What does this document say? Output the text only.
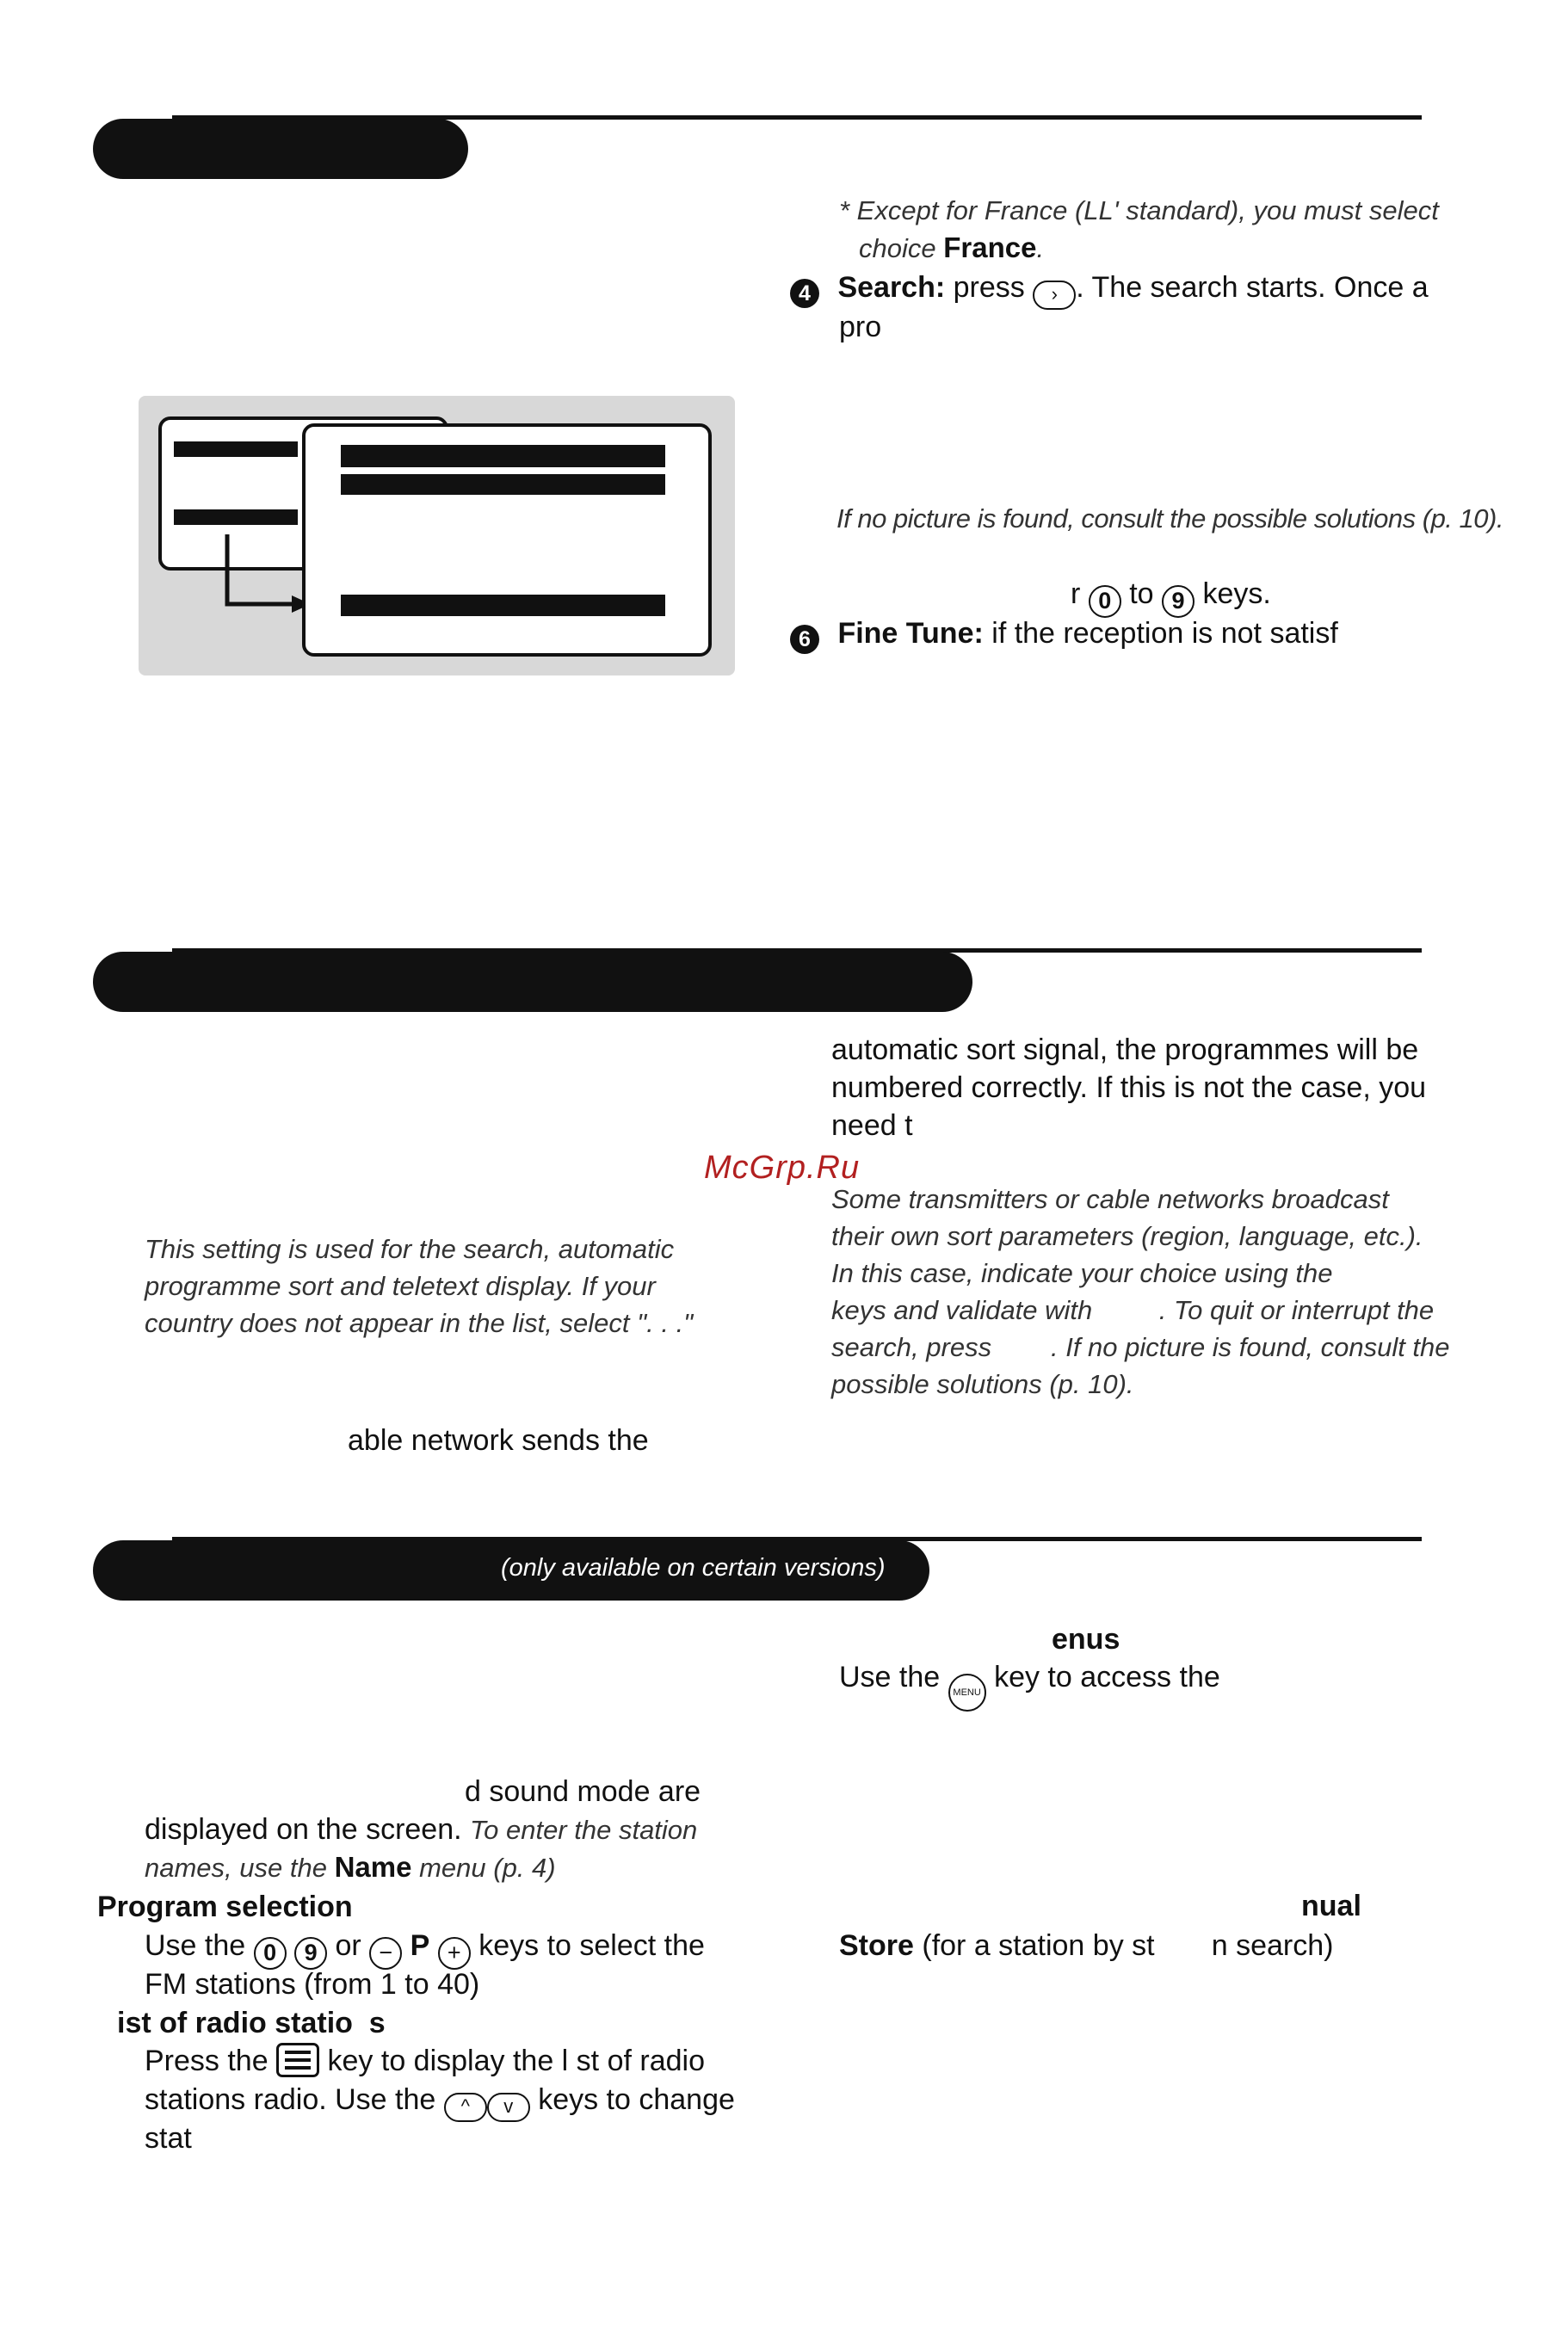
* Except for France (LL' standard), you must select
choice France.
4 Search: press › . The search starts. Once a
pro
If no picture is found, consult the possible solutions (p. 10).
r 0 to 9 keys.
6 Fine Tune: if the reception is not satisf
This setting is used for the search, automatic
programme sort and teletext display. If your
country does not appear in the list, select ". . ."
able network sends the
automatic sort signal, the programmes will be
numbered correctly. If this is not the case, you
need t
McGrp.Ru
Some transmitters or cable networks broadcast
their own sort parameters (region, language, etc.).
In this case, indicate your choice using the
keys and validate with         . To quit or interrupt the
search, press        . If no picture is found, consult the
possible solutions (p. 10).
(only available on certain versions)
enus
Use the MENU key to access the
nual
Store (for a station by st       n search)
d sound mode are
displayed on the screen. To enter the station
names, use the Name menu (p. 4)
Program selection
Use the 0 9 or − P + keys to select the
FM stations (from 1 to 40)
ist of radio statio  s
Press the
key to display the l st of radio
stations radio. Use the ^ v keys to change
stat
